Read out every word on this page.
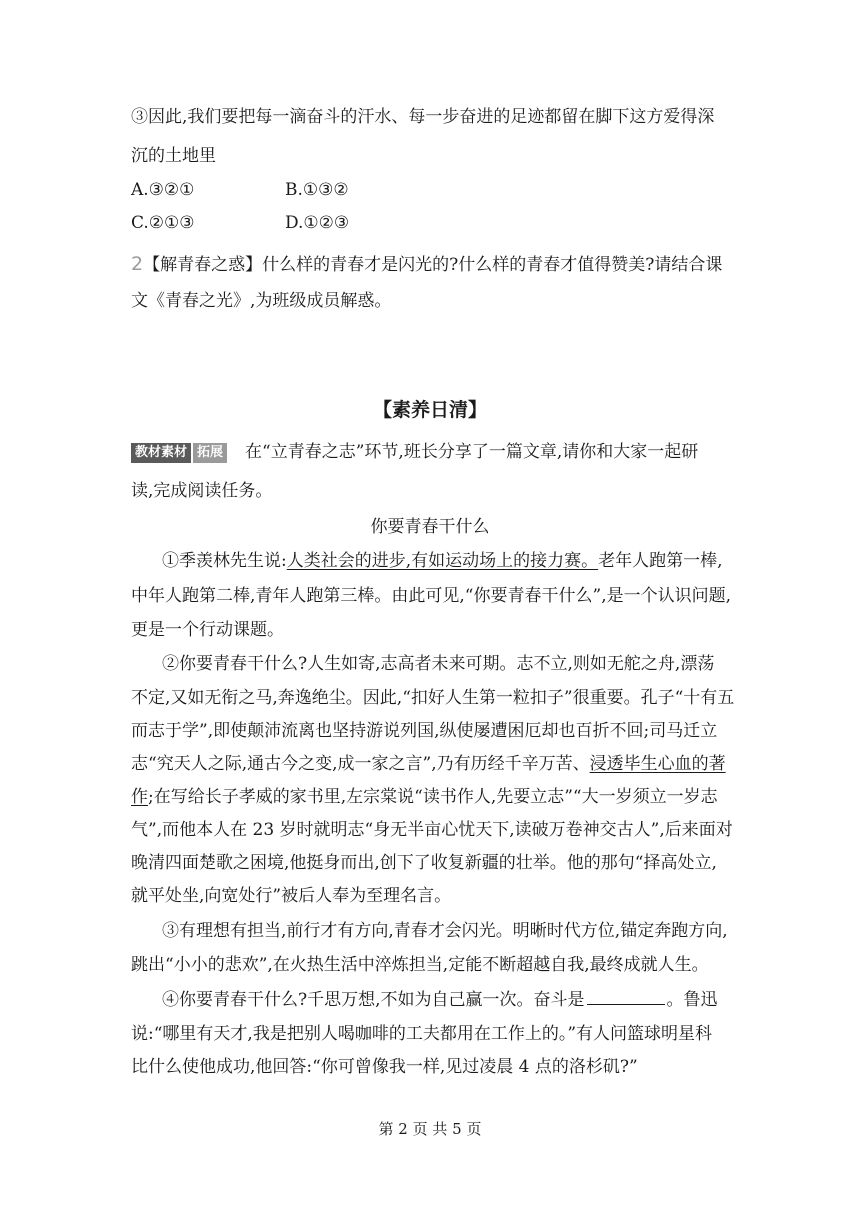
③因此,我们要把每一滴奋斗的汗水、每一步奋进的足迹都留在脚下这方爱得深
沉的土地里
A.③②①	B.①③②
C.②①③	D.①②③
2【解青春之惑】什么样的青春才是闪光的?什么样的青春才值得赞美?请结合课
文《青春之光》,为班级成员解惑。
【素养日清】
教材素材 拓展 在“立青春之志”环节,班长分享了一篇文章,请你和大家一起研
读,完成阅读任务。
你要青春干什么
①季羡林先生说:人类社会的进步,有如运动场上的接力赛。老年人跑第一棒,
中年人跑第二棒,青年人跑第三棒。由此可见,“你要青春干什么”,是一个认识问题,
更是一个行动课题。
②你要青春干什么?人生如寄,志高者未来可期。志不立,则如无舵之舟,漂荡
不定,又如无衔之马,奔逸绝尘。因此,“扣好人生第一粒扣子”很重要。孔子“十有五
而志于学”,即使颠沛流离也坚持游说列国,纵使屡遭困厄却也百折不回;司马迁立
志“究天人之际,通古今之变,成一家之言”,乃有历经千辛万苦、浸透毕生心血的著
作;在写给长子孝威的家书里,左宗棠说“读书作人,先要立志”“大一岁须立一岁志
气”,而他本人在 23 岁时就明志“身无半亩心忧天下,读破万卷神交古人”,后来面对
晚清四面楚歌之困境,他挺身而出,创下了收复新疆的壮举。他的那句“择高处立,
就平处坐,向宽处行”被后人奉为至理名言。
③有理想有担当,前行才有方向,青春才会闪光。明晰时代方位,锚定奔跑方向,
跳出“小小的悲欢”,在火热生活中淬炼担当,定能不断超越自我,最终成就人生。
④你要青春干什么?千思万想,不如为自己赢一次。奋斗是	。鲁迅
说:“哪里有天才,我是把别人喝咖啡的工夫都用在工作上的。”有人问篮球明星科
比什么使他成功,他回答:“你可曾像我一样,见过凌晨 4 点的洛杉矶?”
第 2 页 共 5 页
